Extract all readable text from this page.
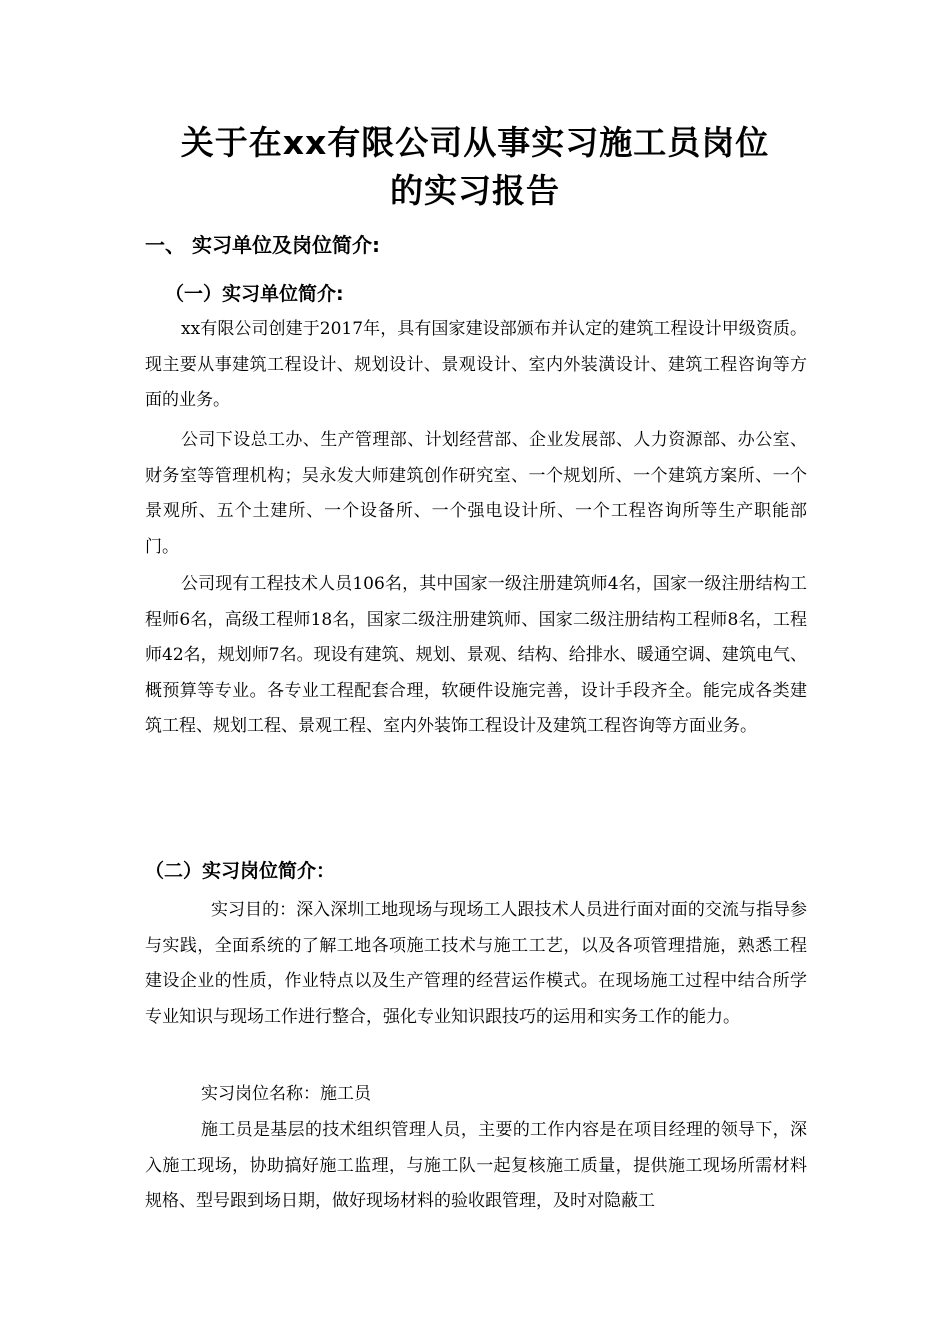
关于在xx有限公司从事实习施工员岗位
的实习报告
一、 实习单位及岗位简介:
（一）实习单位简介:

xx有限公司创建于2017年，具有国家建设部颁布并认定的建筑工程设计甲级资质。现主要从事建筑工程设计、规划设计、景观设计、室内外装潢设计、建筑工程咨询等方面的业务。

公司下设总工办、生产管理部、计划经营部、企业发展部、人力资源部、办公室、财务室等管理机构；吴永发大师建筑创作研究室、一个规划所、一个建筑方案所、一个景观所、五个土建所、一个设备所、一个强电设计所、一个工程咨询所等生产职能部门。

公司现有工程技术人员106名，其中国家一级注册建筑师4名，国家一级注册结构工程师6名，高级工程师18名，国家二级注册建筑师、国家二级注册结构工程师8名，工程师42名，规划师7名。现设有建筑、规划、景观、结构、给排水、暖通空调、建筑电气、概预算等专业。各专业工程配套合理，软硬件设施完善，设计手段齐全。能完成各类建筑工程、规划工程、景观工程、室内外装饰工程设计及建筑工程咨询等方面业务。

（二）实习岗位简介：

实习目的：深入深圳工地现场与现场工人跟技术人员进行面对面的交流与指导参与实践，全面系统的了解工地各项施工技术与施工工艺，以及各项管理措施，熟悉工程建设企业的性质，作业特点以及生产管理的经营运作模式。在现场施工过程中结合所学专业知识与现场工作进行整合，强化专业知识跟技巧的运用和实务工作的能力。

实习岗位名称：施工员

施工员是基层的技术组织管理人员，主要的工作内容是在项目经理的领导下，深入施工现场，协助搞好施工监理，与施工队一起复核施工质量，提供施工现场所需材料规格、型号跟到场日期，做好现场材料的验收跟管理，及时对隐蔽工
